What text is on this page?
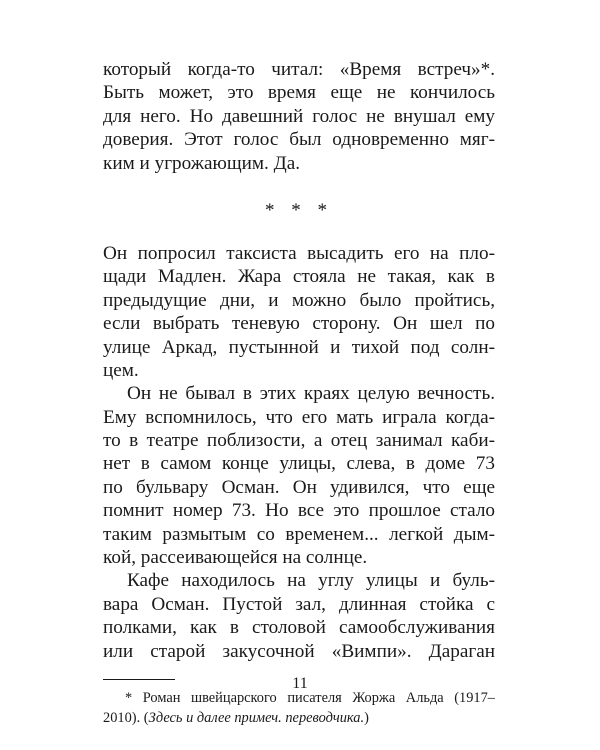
который когда-то читал: «Время встреч»*.
Быть может, это время еще не кончилось
для него. Но давешний голос не внушал ему
доверия. Этот голос был одновременно мяг-
ким и угрожающим. Да.
* * *
Он попросил таксиста высадить его на пло-
щади Мадлен. Жара стояла не такая, как в
предыдущие дни, и можно было пройтись,
если выбрать теневую сторону. Он шел по
улице Аркад, пустынной и тихой под солн-
цем.
Он не бывал в этих краях целую вечность.
Ему вспомнилось, что его мать играла когда-
то в театре поблизости, а отец занимал каби-
нет в самом конце улицы, слева, в доме 73
по бульвару Осман. Он удивился, что еще
помнит номер 73. Но все это прошлое стало
таким размытым со временем... легкой дым-
кой, рассеивающейся на солнце.
Кафе находилось на углу улицы и буль-
вара Осман. Пустой зал, длинная стойка с
полками, как в столовой самообслуживания
или старой закусочной «Вимпи». Дараган
* Роман швейцарского писателя Жоржа Альда (1917–
2010). (Здесь и далее примеч. переводчика.)
11
